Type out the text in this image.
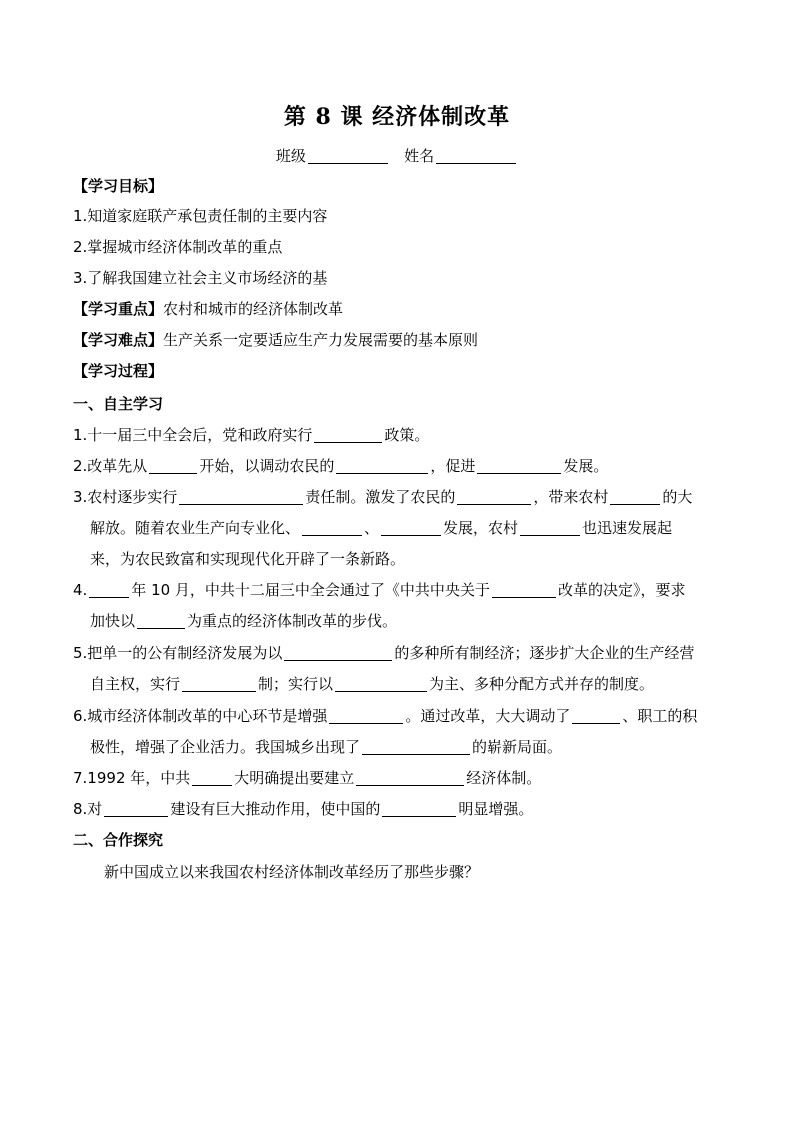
第 8 课 经济体制改革
班级	姓名
【学习目标】
1.知道家庭联产承包责任制的主要内容
2.掌握城市经济体制改革的重点
3.了解我国建立社会主义市场经济的基
【学习重点】农村和城市的经济体制改革
【学习难点】生产关系一定要适应生产力发展需要的基本原则
【学习过程】
一、自主学习
1.十一届三中全会后，党和政府实行	政策。
2.改革先从	开始，以调动农民的	，促进	发展。
3.农村逐步实行	责任制。激发了农民的	，带来农村	的大
解放。随着农业生产向专业化、	、	发展，农村	也迅速发展起
来，为农民致富和实现现代化开辟了一条新路。
4.	年 10 月，中共十二届三中全会通过了《中共中央关于	改革的决定》，要求
加快以	为重点的经济体制改革的步伐。
5.把单一的公有制经济发展为以	的多种所有制经济；逐步扩大企业的生产经营
自主权，实行	制；实行以	为主、多种分配方式并存的制度。
6.城市经济体制改革的中心环节是增强	。通过改革，大大调动了	、职工的积
极性，增强了企业活力。我国城乡出现了	的崭新局面。
7.1992 年，中共	大明确提出要建立	经济体制。
8.对	建设有巨大推动作用，使中国的	明显增强。
二、合作探究
新中国成立以来我国农村经济体制改革经历了那些步骤？
